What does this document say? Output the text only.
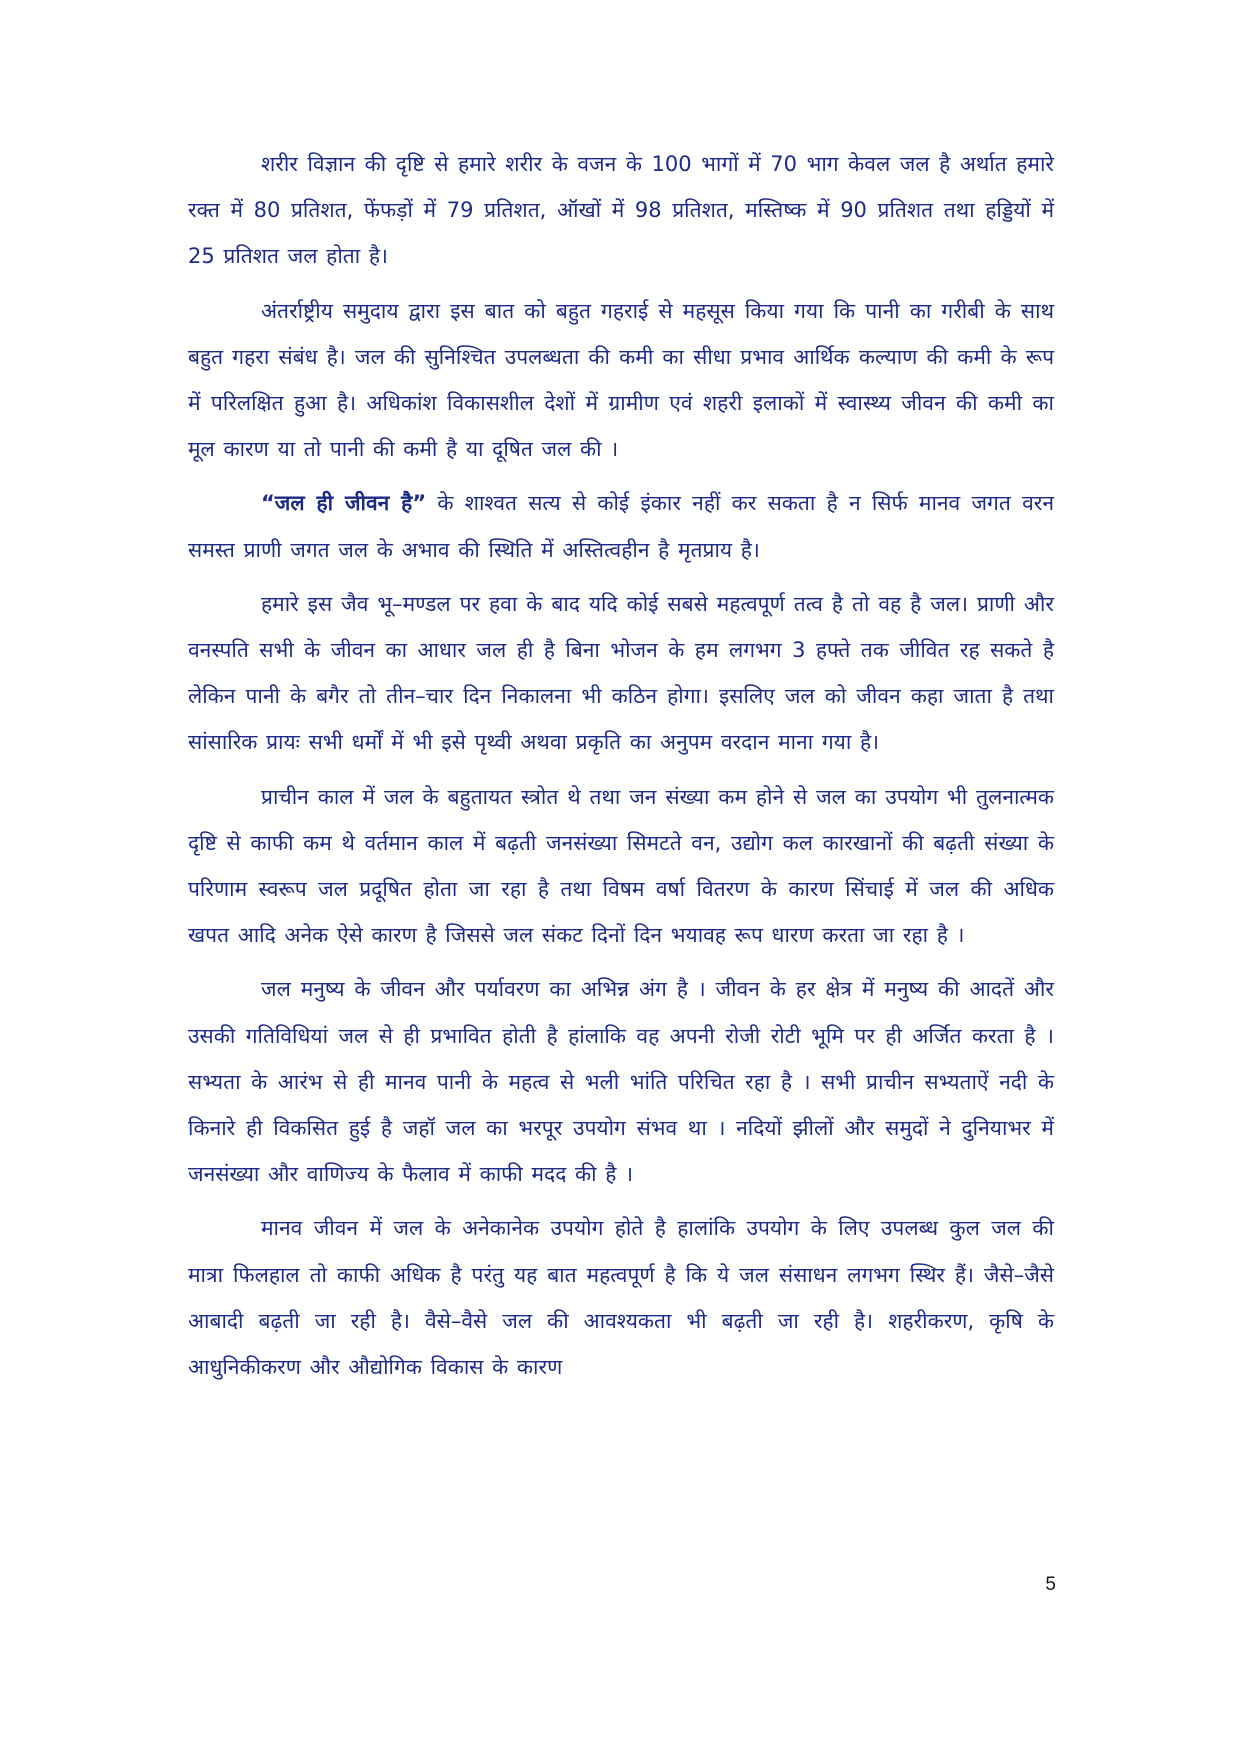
शरीर विज्ञान की दृष्टि से हमारे शरीर के वजन के 100 भागों में 70 भाग केवल जल है अर्थात हमारे रक्त में 80 प्रतिशत, फेंफड़ों में 79 प्रतिशत, ऑखों में 98 प्रतिशत, मस्तिष्क में 90 प्रतिशत तथा हड्डियों में 25 प्रतिशत जल होता है।

अंतर्राष्ट्रीय समुदाय द्वारा इस बात को बहुत गहराई से महसूस किया गया कि पानी का गरीबी के साथ बहुत गहरा संबंध है। जल की सुनिश्चित उपलब्धता की कमी का सीधा प्रभाव आर्थिक कल्याण की कमी के रूप में परिलक्षित हुआ है। अधिकांश विकासशील देशों में ग्रामीण एवं शहरी इलाकों में स्वास्थ्य जीवन की कमी का मूल कारण या तो पानी की कमी है या दूषित जल की ।

“जल ही जीवन है” के शाश्वत सत्य से कोई इंकार नहीं कर सकता है न सिर्फ मानव जगत वरन समस्त प्राणी जगत जल के अभाव की स्थिति में अस्तित्वहीन है मृतप्राय है।

हमारे इस जैव भू–मण्डल पर हवा के बाद यदि कोई सबसे महत्वपूर्ण तत्व है तो वह है जल। प्राणी और वनस्पति सभी के जीवन का आधार जल ही है बिना भोजन के हम लगभग 3 हफ्ते तक जीवित रह सकते है लेकिन पानी के बगैर तो तीन–चार दिन निकालना भी कठिन होगा। इसलिए जल को जीवन कहा जाता है तथा सांसारिक प्रायः सभी धर्मों में भी इसे पृथ्वी अथवा प्रकृति का अनुपम वरदान माना गया है।

प्राचीन काल में जल के बहुतायत स्त्रोत थे तथा जन संख्या कम होने से जल का उपयोग भी तुलनात्मक दृष्टि से काफी कम थे वर्तमान काल में बढ़ती जनसंख्या सिमटते वन, उद्योग कल कारखानों की बढ़ती संख्या के परिणाम स्वरूप जल प्रदूषित होता जा रहा है तथा विषम वर्षा वितरण के कारण सिंचाई में जल की अधिक खपत आदि अनेक ऐसे कारण है जिससे जल संकट दिनों दिन भयावह रूप धारण करता जा रहा है ।

जल मनुष्य के जीवन और पर्यावरण का अभिन्न अंग है । जीवन के हर क्षेत्र में मनुष्य की आदतें और उसकी गतिविधियां जल से ही प्रभावित होती है हांलाकि वह अपनी रोजी रोटी भूमि पर ही अर्जित करता है । सभ्यता के आरंभ से ही मानव पानी के महत्व से भली भांति परिचित रहा है । सभी प्राचीन सभ्यताऐं नदी के किनारे ही विकसित हुई है जहॉ जल का भरपूर उपयोग संभव था । नदियों झीलों और समुदों ने दुनियाभर में जनसंख्या और वाणिज्य के फैलाव में काफी मदद की है ।

मानव जीवन में जल के अनेकानेक उपयोग होते है हालांकि उपयोग के लिए उपलब्ध कुल जल की मात्रा फिलहाल तो काफी अधिक है परंतु यह बात महत्वपूर्ण है कि ये जल संसाधन लगभग स्थिर हैं। जैसे–जैसे आबादी बढ़ती जा रही है। वैसे–वैसे जल की आवश्यकता भी बढ़ती जा रही है। शहरीकरण, कृषि के आधुनिकीकरण और औद्योगिक विकास के कारण

5
